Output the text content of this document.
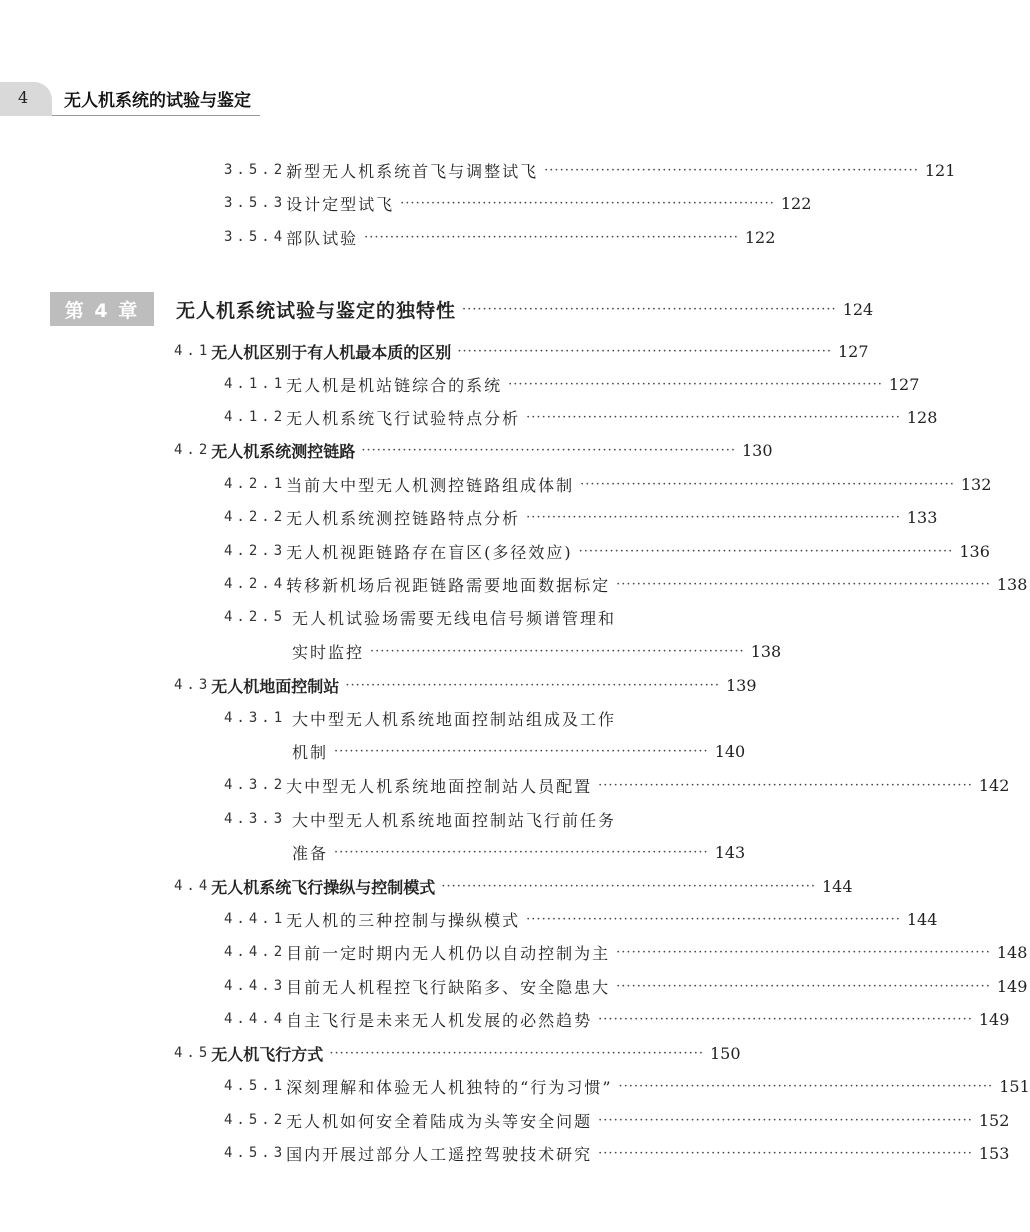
4 无人机系统的试验与鉴定
3.5.2 新型无人机系统首飞与调整试飞 ········································································· 121
3.5.3 设计定型试飞 ········································································· 122
3.5.4 部队试验 ········································································· 122
第 4 章	无人机系统试验与鉴定的独特性 ········································································· 124
4.1 无人机区别于有人机最本质的区别 ········································································· 127
4.1.1 无人机是机站链综合的系统 ········································································· 127
4.1.2 无人机系统飞行试验特点分析 ········································································· 128
4.2 无人机系统测控链路 ········································································· 130
4.2.1 当前大中型无人机测控链路组成体制 ········································································· 132
4.2.2 无人机系统测控链路特点分析 ········································································· 133
4.2.3 无人机视距链路存在盲区(多径效应) ········································································· 136
4.2.4 转移新机场后视距链路需要地面数据标定 ········································································· 138
4.2.5 无人机试验场需要无线电信号频谱管理和
实时监控 ········································································· 138
4.3 无人机地面控制站 ········································································· 139
4.3.1 大中型无人机系统地面控制站组成及工作
机制 ········································································· 140
4.3.2 大中型无人机系统地面控制站人员配置 ········································································· 142
4.3.3 大中型无人机系统地面控制站飞行前任务
准备 ········································································· 143
4.4 无人机系统飞行操纵与控制模式 ········································································· 144
4.4.1 无人机的三种控制与操纵模式 ········································································· 144
4.4.2 目前一定时期内无人机仍以自动控制为主 ········································································· 148
4.4.3 目前无人机程控飞行缺陷多、安全隐患大 ········································································· 149
4.4.4 自主飞行是未来无人机发展的必然趋势 ········································································· 149
4.5 无人机飞行方式 ········································································· 150
4.5.1 深刻理解和体验无人机独特的“行为习惯” ········································································· 151
4.5.2 无人机如何安全着陆成为头等安全问题 ········································································· 152
4.5.3 国内开展过部分人工遥控驾驶技术研究 ········································································· 153
